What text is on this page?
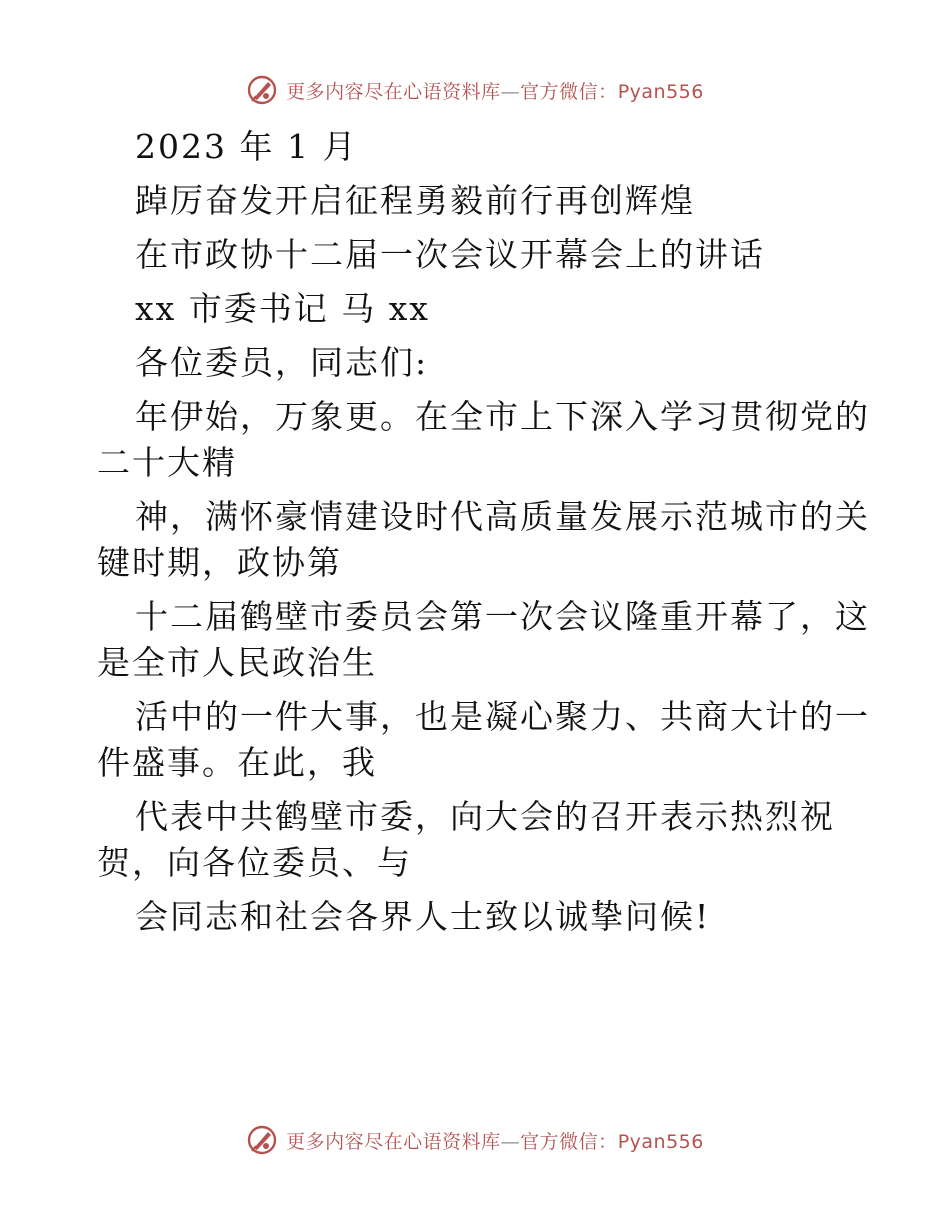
更多内容尽在心语资料库—官方微信：Pyan556

2023 年 1 月

踔厉奋发开启征程勇毅前行再创辉煌

在市政协十二届一次会议开幕会上的讲话

xx 市委书记 马 xx

各位委员，同志们:

年伊始，万象更。在全市上下深入学习贯彻党的

二十大精

神，满怀豪情建设时代高质量发展示范城市的关

键时期，政协第

十二届鹤壁市委员会第一次会议隆重开幕了，这

是全市人民政治生

活中的一件大事，也是凝心聚力、共商大计的一

件盛事。在此，我

代表中共鹤壁市委，向大会的召开表示热烈祝

贺，向各位委员、与

会同志和社会各界人士致以诚挚问候!

更多内容尽在心语资料库—官方微信：Pyan556
